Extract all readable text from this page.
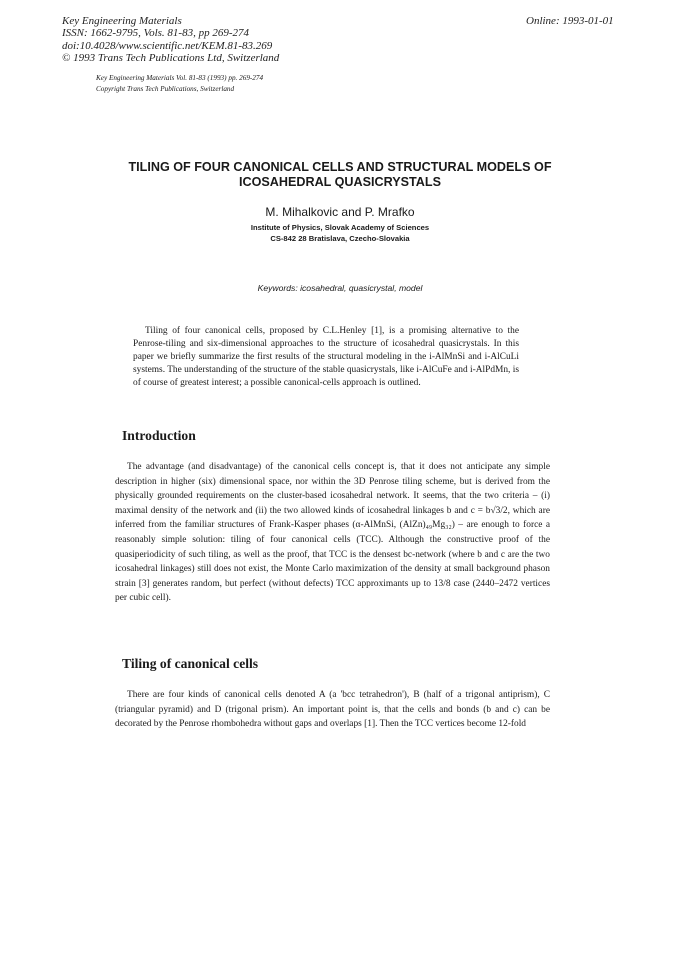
Key Engineering Materials
ISSN: 1662-9795, Vols. 81-83, pp 269-274
doi:10.4028/www.scientific.net/KEM.81-83.269
© 1993 Trans Tech Publications Ltd, Switzerland
Online: 1993-01-01
Key Engineering Materials Vol. 81-83 (1993) pp. 269-274
Copyright Trans Tech Publications, Switzerland
TILING OF FOUR CANONICAL CELLS AND STRUCTURAL MODELS OF
ICOSAHEDRAL QUASICRYSTALS
M. Mihalkovic and P. Mrafko
Institute of Physics, Slovak Academy of Sciences
CS-842 28 Bratislava, Czecho-Slovakia
Keywords: icosahedral, quasicrystal, model
Tiling of four canonical cells, proposed by C.L.Henley [1], is a promising alternative to the Penrose-tiling and six-dimensional approaches to the structure of icosahedral quasicrystals. In this paper we briefly summarize the first results of the structural modeling in the i-AlMnSi and i-AlCuLi systems. The understanding of the structure of the stable quasicrystals, like i-AlCuFe and i-AlPdMn, is of course of greatest interest; a possible canonical-cells approach is outlined.
Introduction
The advantage (and disadvantage) of the canonical cells concept is, that it does not anticipate any simple description in higher (six) dimensional space, nor within the 3D Penrose tiling scheme, but is derived from the physically grounded requirements on the cluster-based icosahedral network. It seems, that the two criteria – (i) maximal density of the network and (ii) the two allowed kinds of icosahedral linkages b and c = b√3/2, which are inferred from the familiar structures of Frank-Kasper phases (α-AlMnSi, (AlZn)₄₉Mg₃₂) – are enough to force a reasonably simple solution: tiling of four canonical cells (TCC). Although the constructive proof of the quasiperiodicity of such tiling, as well as the proof, that TCC is the densest bc-network (where b and c are the two icosahedral linkages) still does not exist, the Monte Carlo maximization of the density at small background phason strain [3] generates random, but perfect (without defects) TCC approximants up to 13/8 case (2440–2472 vertices per cubic cell).
Tiling of canonical cells
There are four kinds of canonical cells denoted A (a 'bcc tetrahedron'), B (half of a trigonal antiprism), C (triangular pyramid) and D (trigonal prism). An important point is, that the cells and bonds (b and c) can be decorated by the Penrose rhombohedra without gaps and overlaps [1]. Then the TCC vertices become 12-fold
